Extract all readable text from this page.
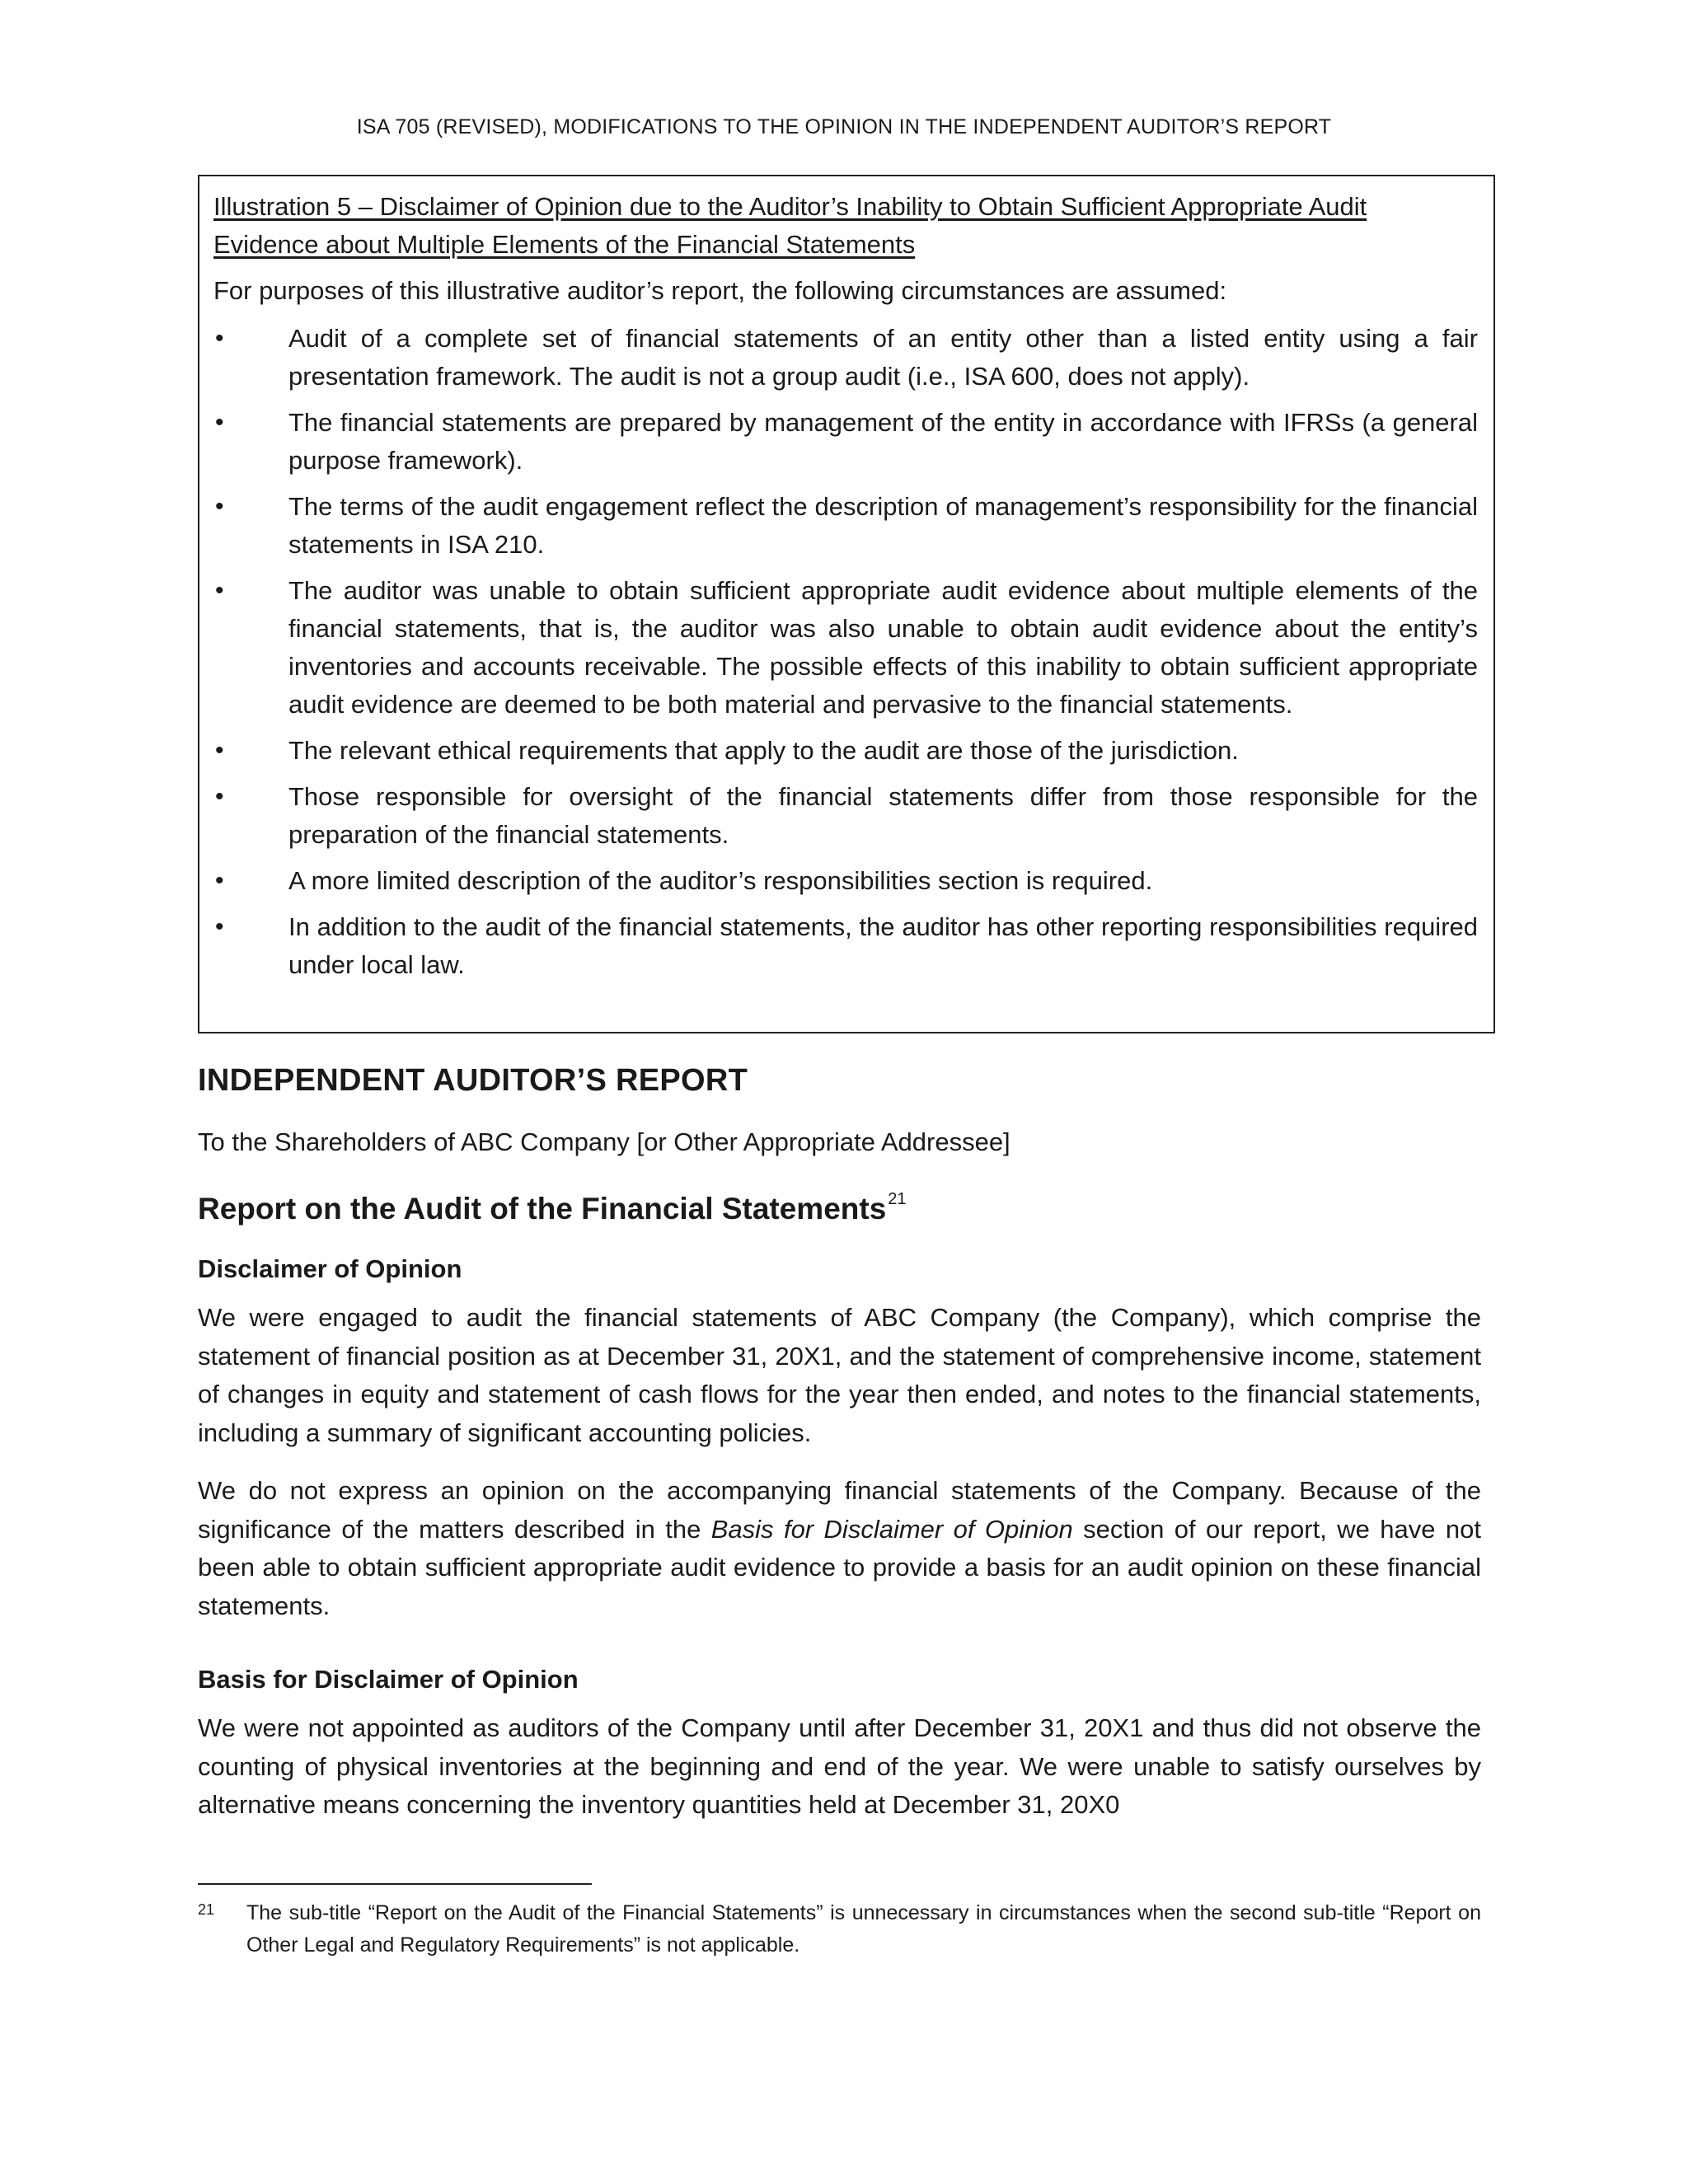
ISA 705 (REVISED), MODIFICATIONS TO THE OPINION IN THE INDEPENDENT AUDITOR’S REPORT

Illustration 5 – Disclaimer of Opinion due to the Auditor’s Inability to Obtain Sufficient Appropriate Audit Evidence about Multiple Elements of the Financial Statements

For purposes of this illustrative auditor’s report, the following circumstances are assumed:

•	Audit of a complete set of financial statements of an entity other than a listed entity using a fair presentation framework. The audit is not a group audit (i.e., ISA 600, does not apply).
•	The financial statements are prepared by management of the entity in accordance with IFRSs (a general purpose framework).
•	The terms of the audit engagement reflect the description of management’s responsibility for the financial statements in ISA 210.
•	The auditor was unable to obtain sufficient appropriate audit evidence about multiple elements of the financial statements, that is, the auditor was also unable to obtain audit evidence about the entity’s inventories and accounts receivable. The possible effects of this inability to obtain sufficient appropriate audit evidence are deemed to be both material and pervasive to the financial statements.
•	The relevant ethical requirements that apply to the audit are those of the jurisdiction.
•	Those responsible for oversight of the financial statements differ from those responsible for the preparation of the financial statements.
•	A more limited description of the auditor’s responsibilities section is required.
•	In addition to the audit of the financial statements, the auditor has other reporting responsibilities required under local law.
INDEPENDENT AUDITOR’S REPORT

To the Shareholders of ABC Company [or Other Appropriate Addressee]

Report on the Audit of the Financial Statements $^{21}$
Disclaimer of Opinion

We were engaged to audit the financial statements of ABC Company (the Company), which comprise the statement of financial position as at December 31, 20X1, and the statement of comprehensive income, statement of changes in equity and statement of cash flows for the year then ended, and notes to the financial statements, including a summary of significant accounting policies.

We do not express an opinion on the accompanying financial statements of the Company. Because of the significance of the matters described in the Basis for Disclaimer of Opinion section of our report, we have not been able to obtain sufficient appropriate audit evidence to provide a basis for an audit opinion on these financial statements.

Basis for Disclaimer of Opinion

We were not appointed as auditors of the Company until after December 31, 20X1 and thus did not observe the counting of physical inventories at the beginning and end of the year. We were unable to satisfy ourselves by alternative means concerning the inventory quantities held at December 31, 20X0

21 The sub-title “Report on the Audit of the Financial Statements” is unnecessary in circumstances when the second sub-title “Report on Other Legal and Regulatory Requirements” is not applicable.
